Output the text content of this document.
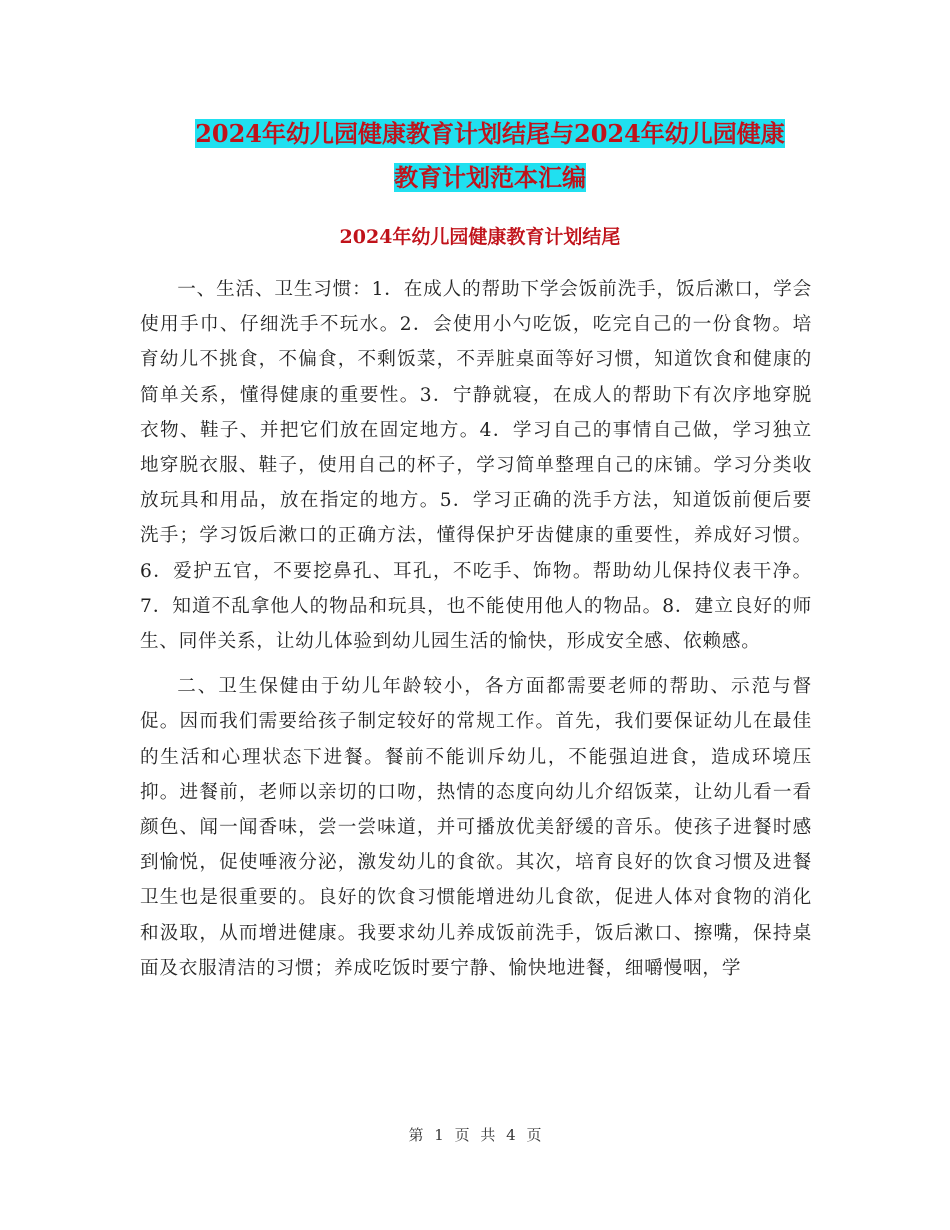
2024年幼儿园健康教育计划结尾与2024年幼儿园健康
教育计划范本汇编
2024年幼儿园健康教育计划结尾

一、生活、卫生习惯：1．在成人的帮助下学会饭前洗手，饭后漱口，学会使用手巾、仔细洗手不玩水。2．会使用小勺吃饭，吃完自己的一份食物。培育幼儿不挑食，不偏食，不剩饭菜，不弄脏桌面等好习惯，知道饮食和健康的简单关系，懂得健康的重要性。3．宁静就寝，在成人的帮助下有次序地穿脱衣物、鞋子、并把它们放在固定地方。4．学习自己的事情自己做，学习独立地穿脱衣服、鞋子，使用自己的杯子，学习简单整理自己的床铺。学习分类收放玩具和用品，放在指定的地方。5．学习正确的洗手方法，知道饭前便后要洗手；学习饭后漱口的正确方法，懂得保护牙齿健康的重要性，养成好习惯。6．爱护五官，不要挖鼻孔、耳孔，不吃手、饰物。帮助幼儿保持仪表干净。7．知道不乱拿他人的物品和玩具，也不能使用他人的物品。8．建立良好的师生、同伴关系，让幼儿体验到幼儿园生活的愉快，形成安全感、依赖感。

二、卫生保健由于幼儿年龄较小，各方面都需要老师的帮助、示范与督促。因而我们需要给孩子制定较好的常规工作。首先，我们要保证幼儿在最佳的生活和心理状态下进餐。餐前不能训斥幼儿，不能强迫进食，造成环境压抑。进餐前，老师以亲切的口吻，热情的态度向幼儿介绍饭菜，让幼儿看一看颜色、闻一闻香味，尝一尝味道，并可播放优美舒缓的音乐。使孩子进餐时感到愉悦，促使唾液分泌，激发幼儿的食欲。其次，培育良好的饮食习惯及进餐卫生也是很重要的。良好的饮食习惯能增进幼儿食欲，促进人体对食物的消化和汲取，从而增进健康。我要求幼儿养成饭前洗手，饭后漱口、擦嘴，保持桌面及衣服清洁的习惯；养成吃饭时要宁静、愉快地进餐，细嚼慢咽，学

第 1 页 共 4 页
